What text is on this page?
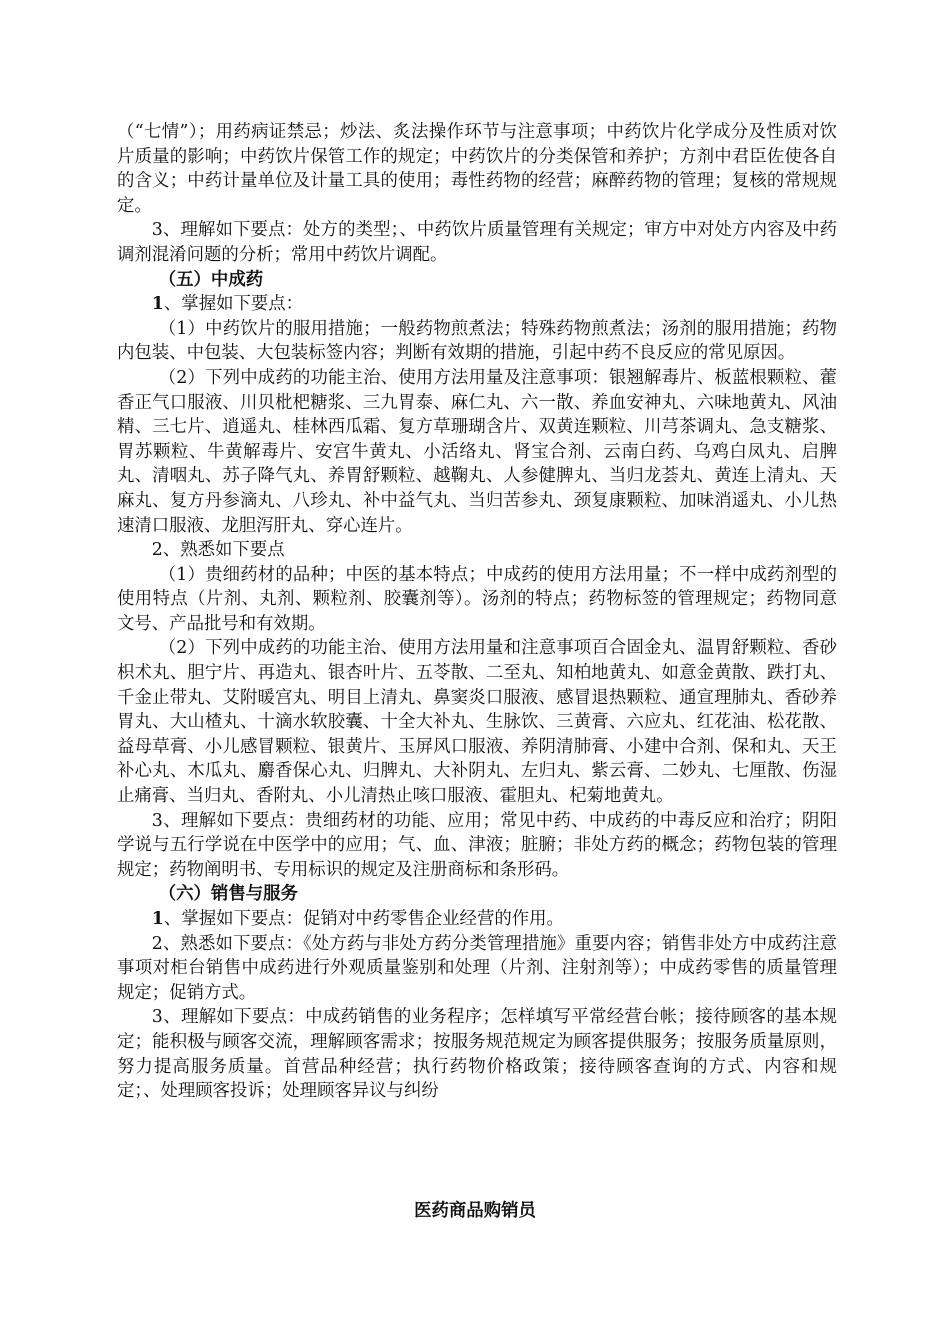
（“七情”）；用药病证禁忌；炒法、炙法操作环节与注意事项；中药饮片化学成分及性质对饮片质量的影响；中药饮片保管工作的规定；中药饮片的分类保管和养护；方剂中君臣佐使各自的含义；中药计量单位及计量工具的使用；毒性药物的经营；麻醉药物的管理；复核的常规规定。

3、理解如下要点：处方的类型；、中药饮片质量管理有关规定；审方中对处方内容及中药调剂混淆问题的分析；常用中药饮片调配。

（五）中成药

1、掌握如下要点：

（1）中药饮片的服用措施；一般药物煎煮法；特殊药物煎煮法；汤剂的服用措施；药物内包装、中包装、大包装标签内容；判断有效期的措施，引起中药不良反应的常见原因。

（2）下列中成药的功能主治、使用方法用量及注意事项：银翘解毒片、板蓝根颗粒、藿香正气口服液、川贝枇杷糖浆、三九胃泰、麻仁丸、六一散、养血安神丸、六味地黄丸、风油精、三七片、逍遥丸、桂林西瓜霜、复方草珊瑚含片、双黄连颗粒、川芎茶调丸、急支糖浆、胃苏颗粒、牛黄解毒片、安宫牛黄丸、小活络丸、肾宝合剂、云南白药、乌鸡白凤丸、启脾丸、清咽丸、苏子降气丸、养胃舒颗粒、越鞠丸、人参健脾丸、当归龙荟丸、黄连上清丸、天麻丸、复方丹参滴丸、八珍丸、补中益气丸、当归苦参丸、颈复康颗粒、加味消遥丸、小儿热速清口服液、龙胆泻肝丸、穿心连片。

2、熟悉如下要点

（1）贵细药材的品种；中医的基本特点；中成药的使用方法用量；不一样中成药剂型的使用特点（片剂、丸剂、颗粒剂、胶囊剂等）。汤剂的特点；药物标签的管理规定；药物同意文号、产品批号和有效期。

（2）下列中成药的功能主治、使用方法用量和注意事项百合固金丸、温胃舒颗粒、香砂枳术丸、胆宁片、再造丸、银杏叶片、五苓散、二至丸、知柏地黄丸、如意金黄散、跌打丸、千金止带丸、艾附暖宫丸、明目上清丸、鼻窦炎口服液、感冒退热颗粒、通宣理肺丸、香砂养胃丸、大山楂丸、十滴水软胶囊、十全大补丸、生脉饮、三黄膏、六应丸、红花油、松花散、益母草膏、小儿感冒颗粒、银黄片、玉屏风口服液、养阴清肺膏、小建中合剂、保和丸、天王补心丸、木瓜丸、麝香保心丸、归脾丸、大补阴丸、左归丸、紫云膏、二妙丸、七厘散、伤湿止痛膏、当归丸、香附丸、小儿清热止咳口服液、霍胆丸、杞菊地黄丸。

3、理解如下要点：贵细药材的功能、应用；常见中药、中成药的中毒反应和治疗；阴阳学说与五行学说在中医学中的应用；气、血、津液；脏腑；非处方药的概念；药物包装的管理规定；药物阐明书、专用标识的规定及注册商标和条形码。

（六）销售与服务

1、掌握如下要点：促销对中药零售企业经营的作用。

2、熟悉如下要点：《处方药与非处方药分类管理措施》重要内容；销售非处方中成药注意事项对柜台销售中成药进行外观质量鉴别和处理（片剂、注射剂等）；中成药零售的质量管理规定；促销方式。

3、理解如下要点：中成药销售的业务程序；怎样填写平常经营台帐；接待顾客的基本规定；能积极与顾客交流，理解顾客需求；按服务规范规定为顾客提供服务；按服务质量原则，努力提高服务质量。首营品种经营；执行药物价格政策；接待顾客查询的方式、内容和规定；、处理顾客投诉；处理顾客异议与纠纷

医药商品购销员
